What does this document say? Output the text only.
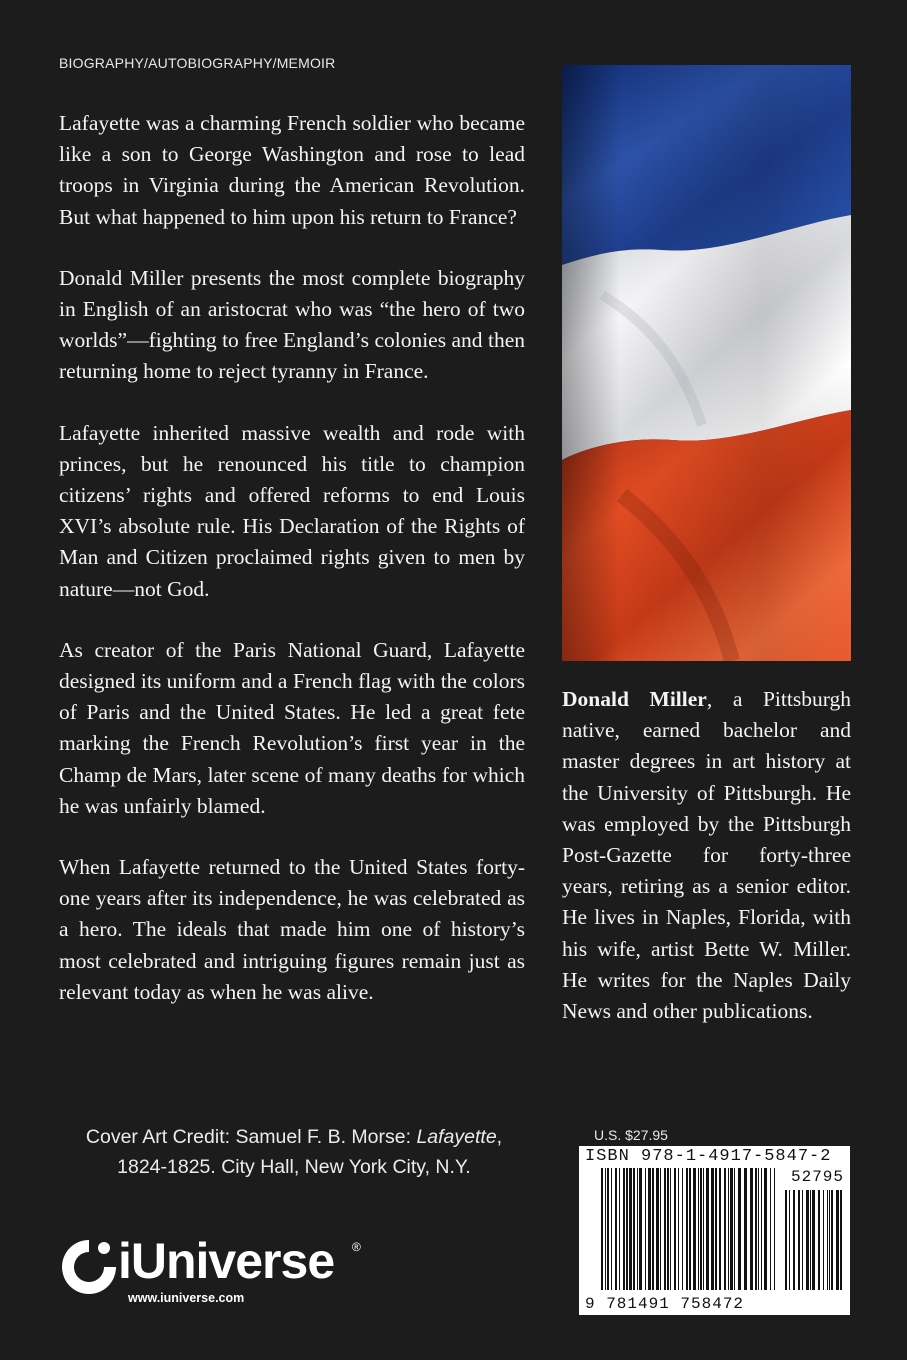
BIOGRAPHY/AUTOBIOGRAPHY/MEMOIR

Lafayette was a charming French soldier who became like a son to George Washington and rose to lead troops in Virginia during the American Revolution. But what happened to him upon his return to France?

Donald Miller presents the most complete biography in English of an aristocrat who was “the hero of two worlds”—fighting to free England’s colonies and then returning home to reject tyranny in France.

Lafayette inherited massive wealth and rode with princes, but he renounced his title to champion citizens’ rights and offered reforms to end Louis XVI’s absolute rule. His Declaration of the Rights of Man and Citizen proclaimed rights given to men by nature—not God.

As creator of the Paris National Guard, Lafayette designed its uniform and a French flag with the colors of Paris and the United States. He led a great fete marking the French Revolution’s first year in the Champ de Mars, later scene of many deaths for which he was unfairly blamed.

When Lafayette returned to the United States forty-one years after its independence, he was celebrated as a hero. The ideals that made him one of history’s most celebrated and intriguing figures remain just as relevant today as when he was alive.

Donald Miller, a Pittsburgh native, earned bachelor and master degrees in art history at the University of Pittsburgh. He was employed by the Pittsburgh Post-Gazette for forty-three years, retiring as a senior editor. He lives in Naples, Florida, with his wife, artist Bette W. Miller. He writes for the Naples Daily News and other publications.
Cover Art Credit: Samuel F. B. Morse: Lafayette, 1824-1825. City Hall, New York City, N.Y.
U.S. $27.95
ISBN 978-1-4917-5847-2
52795
9 781491 758472
iUniverse ®
www.iuniverse.com
